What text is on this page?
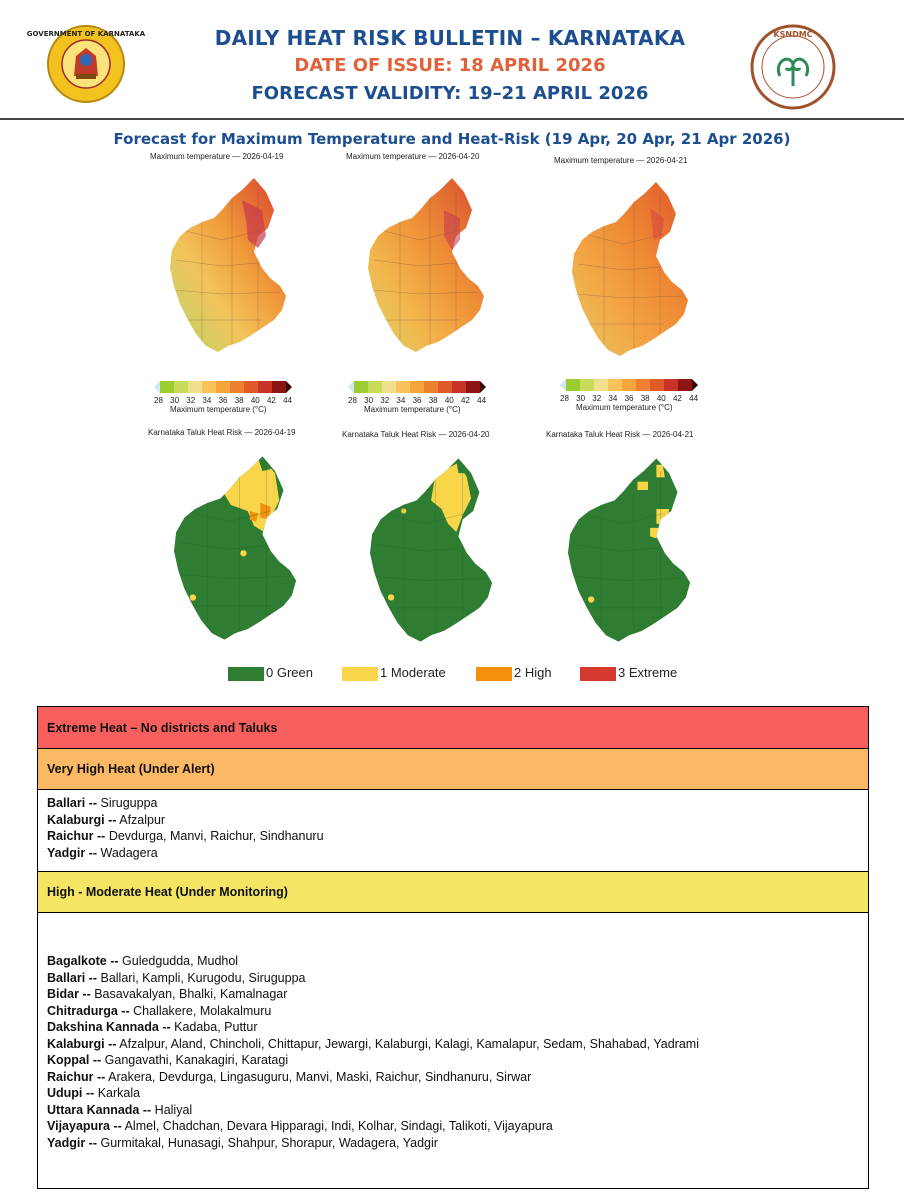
GOVERNMENT OF KARNATAKA	DAILY HEAT RISK BULLETIN – KARNATAKA
DATE OF ISSUE: 18 APRIL 2026
FORECAST VALIDITY: 19–21 APRIL 2026
KSNDMC
Forecast for Maximum Temperature and Heat-Risk (19 Apr, 20 Apr, 21 Apr 2026)
Maximum temperature — 2026-04-19
28 30 32 34 36 38 40 42 44
Maximum temperature (°C)
Maximum temperature — 2026-04-20
28 30 32 34 36 38 40 42 44
Maximum temperature (°C)
Maximum temperature — 2026-04-21
28 30 32 34 36 38 40 42 44
Maximum temperature (°C)
Karnataka Taluk Heat Risk — 2026-04-19	Karnataka Taluk Heat Risk — 2026-04-20	Karnataka Taluk Heat Risk — 2026-04-21
0 Green	1 Moderate	2 High	3 Extreme
Extreme Heat – No districts and Taluks
Very High Heat (Under Alert)
Ballari -- Siruguppa
Kalaburgi -- Afzalpur
Raichur -- Devdurga, Manvi, Raichur, Sindhanuru
Yadgir -- Wadagera
High - Moderate Heat (Under Monitoring)
Bagalkote -- Guledgudda, Mudhol
Ballari -- Ballari, Kampli, Kurugodu, Siruguppa
Bidar -- Basavakalyan, Bhalki, Kamalnagar
Chitradurga -- Challakere, Molakalmuru
Dakshina Kannada -- Kadaba, Puttur
Kalaburgi -- Afzalpur, Aland, Chincholi, Chittapur, Jewargi, Kalaburgi, Kalagi, Kamalapur, Sedam, Shahabad, Yadrami
Koppal -- Gangavathi, Kanakagiri, Karatagi
Raichur -- Arakera, Devdurga, Lingasuguru, Manvi, Maski, Raichur, Sindhanuru, Sirwar
Udupi -- Karkala
Uttara Kannada -- Haliyal
Vijayapura -- Almel, Chadchan, Devara Hipparagi, Indi, Kolhar, Sindagi, Talikoti, Vijayapura
Yadgir -- Gurmitakal, Hunasagi, Shahpur, Shorapur, Wadagera, Yadgir
